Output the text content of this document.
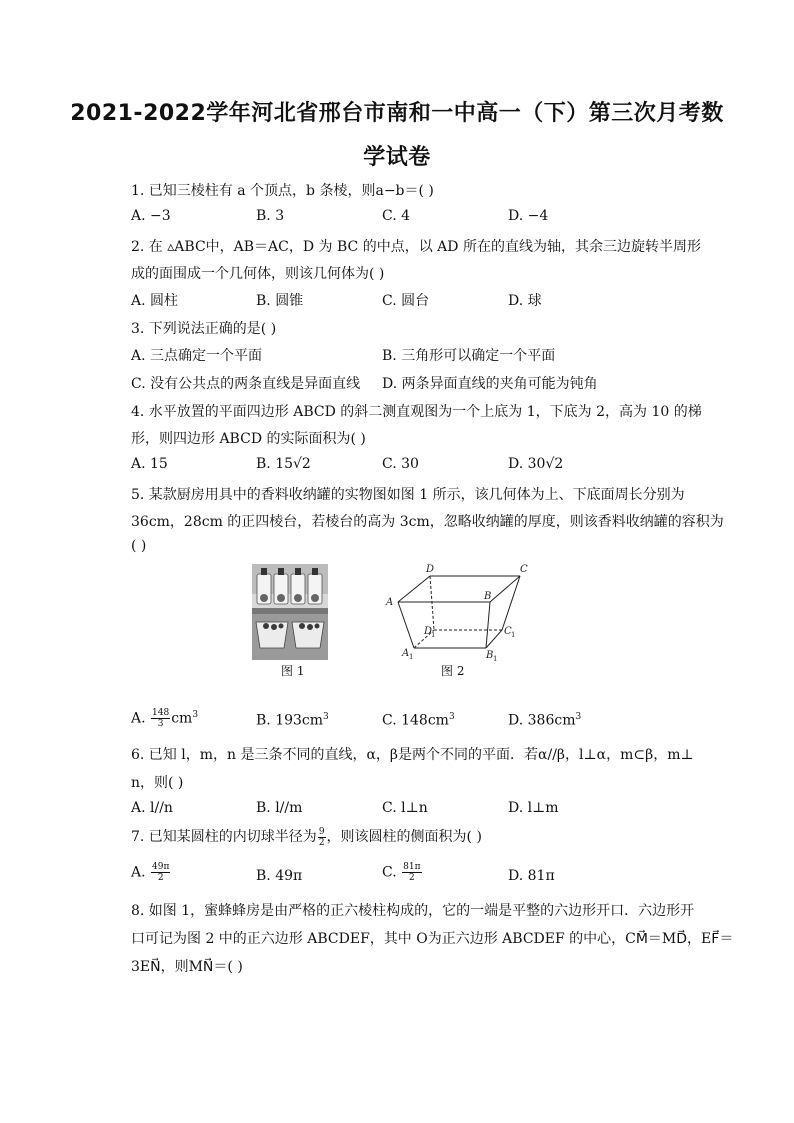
2021-2022学年河北省邢台市南和一中高一（下）第三次月考数
学试卷
1. 已知三棱柱有 a 个顶点，b 条棱，则a−b＝( )
A. −3	B. 3	C. 4	D. −4
2. 在 ▵ABC中，AB＝AC，D 为 BC 的中点，以 AD 所在的直线为轴，其余三边旋转半周形
成的面围成一个几何体，则该几何体为( )
A. 圆柱	B. 圆锥	C. 圆台	D. 球
3. 下列说法正确的是( )
A. 三点确定一个平面	B. 三角形可以确定一个平面
C. 没有公共点的两条直线是异面直线 D. 两条异面直线的夹角可能为钝角
4. 水平放置的平面四边形 ABCD 的斜二测直观图为一个上底为 1，下底为 2，高为 10 的梯
形，则四边形 ABCD 的实际面积为( )
A. 15	B. 15√2	C. 30	D. 30√2
5. 某款厨房用具中的香料收纳罐的实物图如图 1 所示，该几何体为上、下底面周长分别为
36cm，28cm 的正四棱台，若棱台的高为 3cm，忽略收纳罐的厚度，则该香料收纳罐的容积为
( )
图 1
D	C
A
B
D
1	C 1
A 1	B 1
图 2
A. $\frac{148}{3} cm^3$	B. $193cm^3$	C. $148cm^3$	D. $386cm^3$
6. 已知 l，m，n 是三条不同的直线，α，β是两个不同的平面．若α//β，l⊥α，m⊂β，m⊥
n，则( )
A. l//n	B. l//m	C. l⊥n	D. l⊥m
7. 已知某圆柱的内切球半径为 $\frac{9}{2}$ ，则该圆柱的侧面积为( )
A. $\frac{49\pi}{2}$	B. 49π	C. $\frac{81\pi}{2}$	D. 81π
8. 如图 1，蜜蜂蜂房是由严格的正六棱柱构成的，它的一端是平整的六边形开口．六边形开
口可记为图 2 中的正六边形 ABCDEF，其中 O为正六边形 ABCDEF 的中心，CM⃗＝MD⃗，EF⃗＝
3EN⃗，则MN⃗＝( )
